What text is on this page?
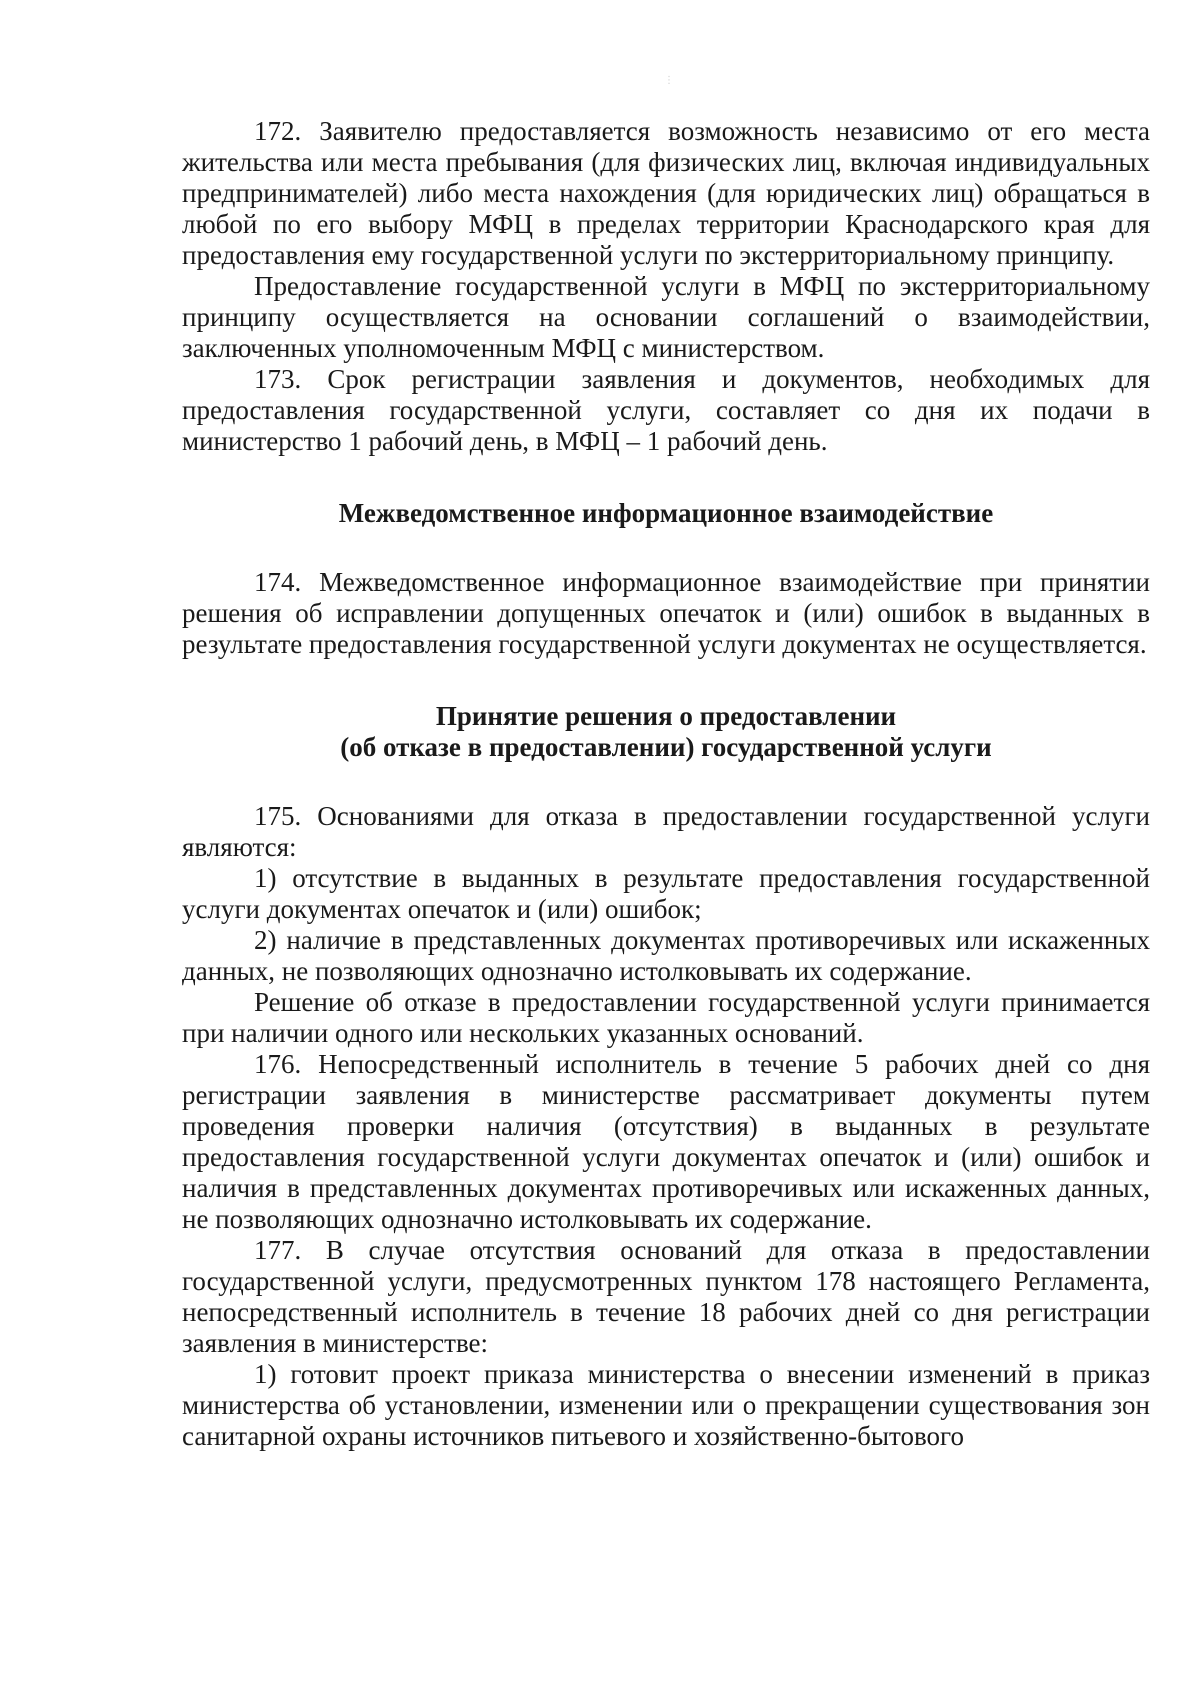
⋮

172. Заявителю предоставляется возможность независимо от его места жительства или места пребывания (для физических лиц, включая индивидуальных предпринимателей) либо места нахождения (для юридических лиц) обращаться в любой по его выбору МФЦ в пределах территории Краснодарского края для предоставления ему государственной услуги по экстерриториальному принципу.

Предоставление государственной услуги в МФЦ по экстерриториальному принципу осуществляется на основании соглашений о взаимодействии, заключенных уполномоченным МФЦ с министерством.

173. Срок регистрации заявления и документов, необходимых для предоставления государственной услуги, составляет со дня их подачи в министерство 1 рабочий день, в МФЦ – 1 рабочий день.

Межведомственное информационное взаимодействие

174. Межведомственное информационное взаимодействие при принятии решения об исправлении допущенных опечаток и (или) ошибок в выданных в результате предоставления государственной услуги документах не осуществляется.

Принятие решения о предоставлении
(об отказе в предоставлении) государственной услуги

175. Основаниями для отказа в предоставлении государственной услуги являются:

1) отсутствие в выданных в результате предоставления государственной услуги документах опечаток и (или) ошибок;

2) наличие в представленных документах противоречивых или искаженных данных, не позволяющих однозначно истолковывать их содержание.

Решение об отказе в предоставлении государственной услуги принимается при наличии одного или нескольких указанных оснований.

176. Непосредственный исполнитель в течение 5 рабочих дней со дня регистрации заявления в министерстве рассматривает документы путем проведения проверки наличия (отсутствия) в выданных в результате предоставления государственной услуги документах опечаток и (или) ошибок и наличия в представленных документах противоречивых или искаженных данных, не позволяющих однозначно истолковывать их содержание.

177. В случае отсутствия оснований для отказа в предоставлении государственной услуги, предусмотренных пунктом 178 настоящего Регламента, непосредственный исполнитель в течение 18 рабочих дней со дня регистрации заявления в министерстве:

1) готовит проект приказа министерства о внесении изменений в приказ министерства об установлении, изменении или о прекращении существования зон санитарной охраны источников питьевого и хозяйственно-бытового
